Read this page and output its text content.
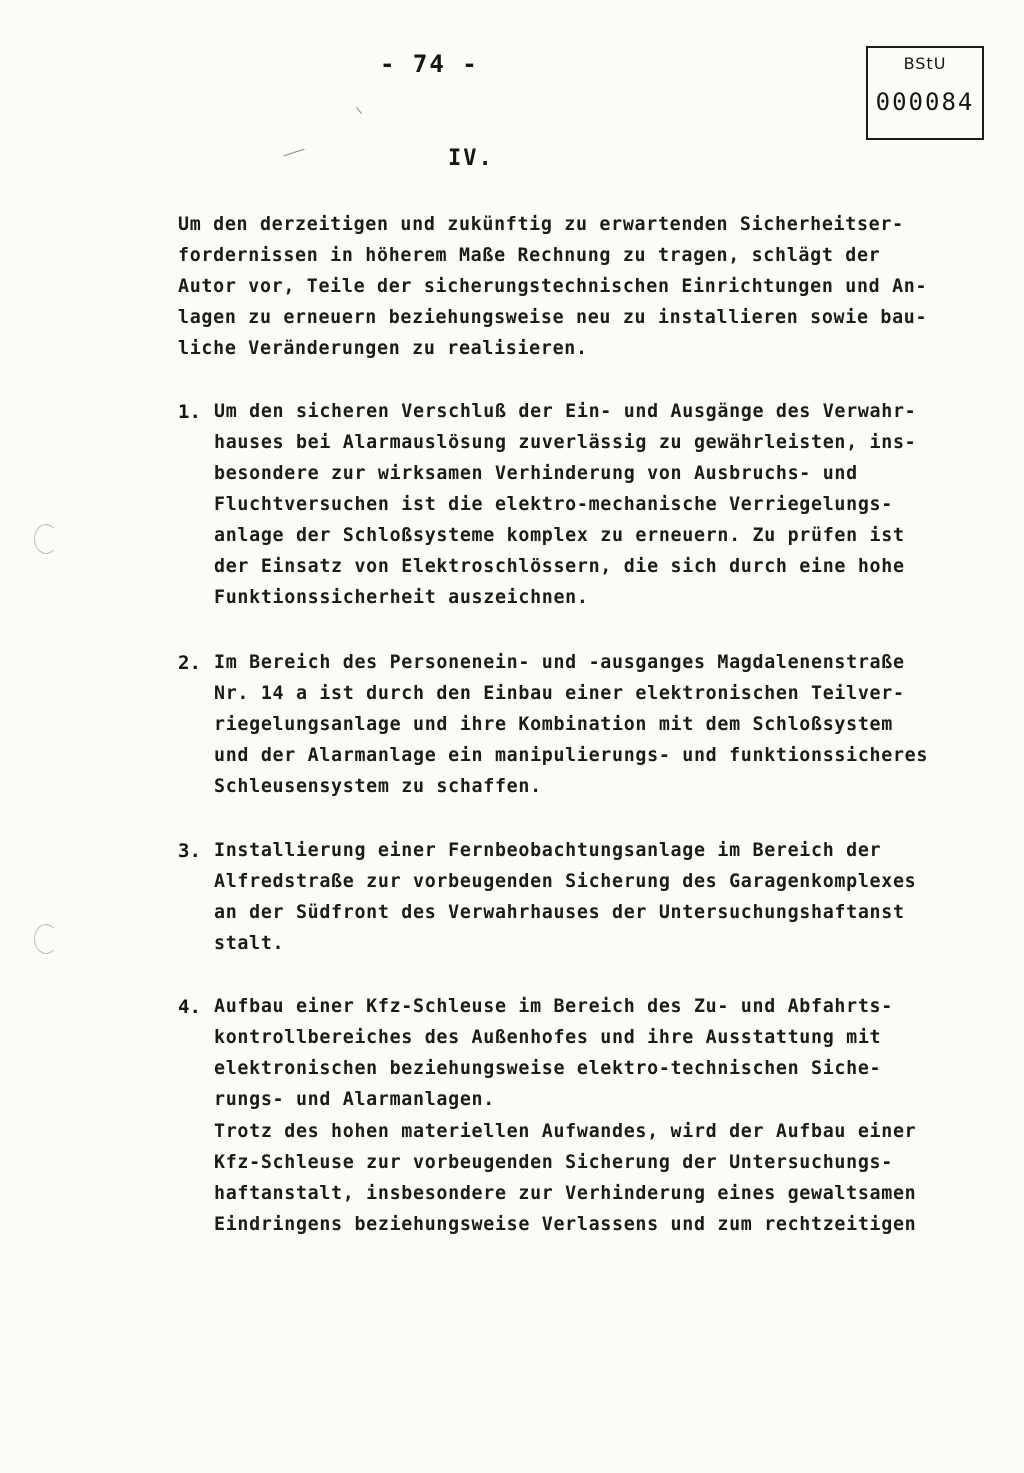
- 74 -	BStU
000084
IV.
Um den derzeitigen und zukünftig zu erwartenden Sicherheitser-
fordernissen in höherem Maße Rechnung zu tragen, schlägt der
Autor vor, Teile der sicherungstechnischen Einrichtungen und An-
lagen zu erneuern beziehungsweise neu zu installieren sowie bau-
liche Veränderungen zu realisieren.
1. Um den sicheren Verschluß der Ein- und Ausgänge des Verwahr-
hauses bei Alarmauslösung zuverlässig zu gewährleisten, ins-
besondere zur wirksamen Verhinderung von Ausbruchs- und
Fluchtversuchen ist die elektro-mechanische Verriegelungs-
anlage der Schloßsysteme komplex zu erneuern. Zu prüfen ist
der Einsatz von Elektroschlössern, die sich durch eine hohe
Funktionssicherheit auszeichnen.
2. Im Bereich des Personenein- und -ausganges Magdalenenstraße
Nr. 14 a ist durch den Einbau einer elektronischen Teilver-
riegelungsanlage und ihre Kombination mit dem Schloßsystem
und der Alarmanlage ein manipulierungs- und funktionssicheres
Schleusensystem zu schaffen.
3. Installierung einer Fernbeobachtungsanlage im Bereich der
Alfredstraße zur vorbeugenden Sicherung des Garagenkomplexes
an der Südfront des Verwahrhauses der Untersuchungshaftanst
stalt.
4. Aufbau einer Kfz-Schleuse im Bereich des Zu- und Abfahrts-
kontrollbereiches des Außenhofes und ihre Ausstattung mit
elektronischen beziehungsweise elektro-technischen Siche-
rungs- und Alarmanlagen.
Trotz des hohen materiellen Aufwandes, wird der Aufbau einer
Kfz-Schleuse zur vorbeugenden Sicherung der Untersuchungs-
haftanstalt, insbesondere zur Verhinderung eines gewaltsamen
Eindringens beziehungsweise Verlassens und zum rechtzeitigen
